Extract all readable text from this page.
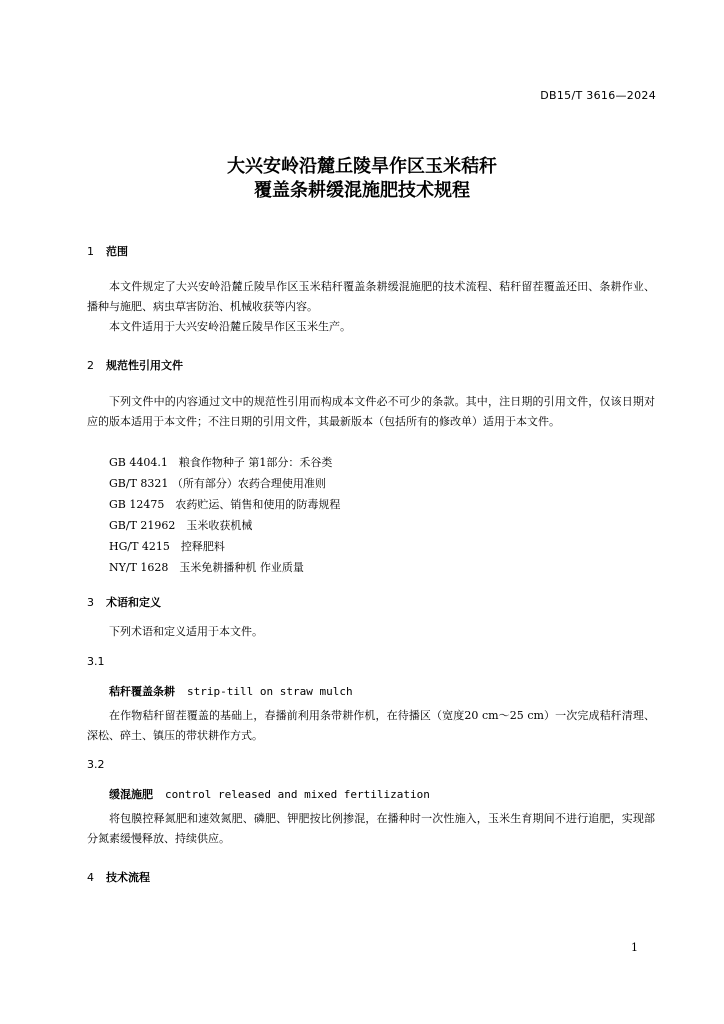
DB15/T 3616—2024
大兴安岭沿麓丘陵旱作区玉米秸秆
覆盖条耕缓混施肥技术规程
1 范围
本文件规定了大兴安岭沿麓丘陵旱作区玉米秸秆覆盖条耕缓混施肥的技术流程、秸秆留茬覆盖还田、条耕作业、播种与施肥、病虫草害防治、机械收获等内容。
本文件适用于大兴安岭沿麓丘陵旱作区玉米生产。
2 规范性引用文件
下列文件中的内容通过文中的规范性引用而构成本文件必不可少的条款。其中，注日期的引用文件，仅该日期对应的版本适用于本文件；不注日期的引用文件，其最新版本（包括所有的修改单）适用于本文件。
GB 4404.1　粮食作物种子 第1部分：禾谷类
GB/T 8321 （所有部分）农药合理使用准则
GB 12475　农药贮运、销售和使用的防毒规程
GB/T 21962　玉米收获机械
HG/T 4215　控释肥料
NY/T 1628　玉米免耕播种机 作业质量
3 术语和定义
下列术语和定义适用于本文件。
3.1
秸秆覆盖条耕 strip-till on straw mulch
在作物秸秆留茬覆盖的基础上，春播前利用条带耕作机，在待播区（宽度20 cm～25 cm）一次完成秸秆清理、深松、碎土、镇压的带状耕作方式。
3.2
缓混施肥 control released and mixed fertilization
将包膜控释氮肥和速效氮肥、磷肥、钾肥按比例掺混，在播种时一次性施入，玉米生育期间不进行追肥，实现部分氮素缓慢释放、持续供应。
4 技术流程
1
